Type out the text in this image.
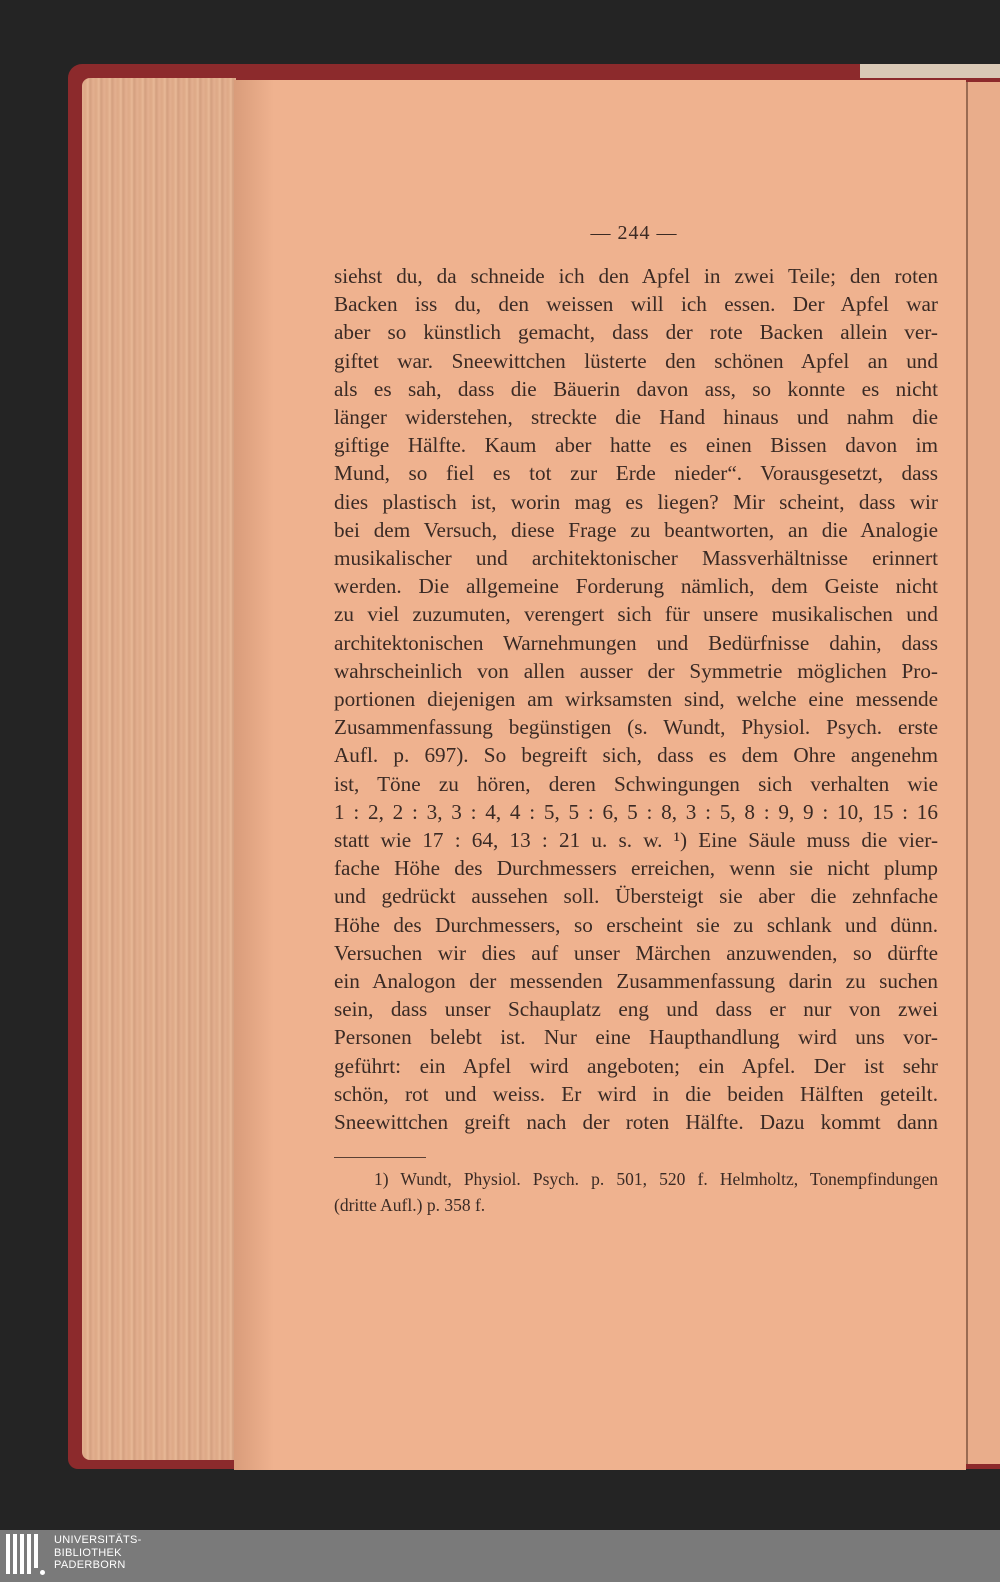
— 244 —
siehst du, da schneide ich den Apfel in zwei Teile; den roten
Backen iss du, den weissen will ich essen. Der Apfel war
aber so künstlich gemacht, dass der rote Backen allein ver-
giftet war. Sneewittchen lüsterte den schönen Apfel an und
als es sah, dass die Bäuerin davon ass, so konnte es nicht
länger widerstehen, streckte die Hand hinaus und nahm die
giftige Hälfte. Kaum aber hatte es einen Bissen davon im
Mund, so fiel es tot zur Erde nieder“. Vorausgesetzt, dass
dies plastisch ist, worin mag es liegen? Mir scheint, dass wir
bei dem Versuch, diese Frage zu beantworten, an die Analogie
musikalischer und architektonischer Massverhältnisse erinnert
werden. Die allgemeine Forderung nämlich, dem Geiste nicht
zu viel zuzumuten, verengert sich für unsere musikalischen und
architektonischen Warnehmungen und Bedürfnisse dahin, dass
wahrscheinlich von allen ausser der Symmetrie möglichen Pro-
portionen diejenigen am wirksamsten sind, welche eine messende
Zusammenfassung begünstigen (s. Wundt, Physiol. Psych. erste
Aufl. p. 697). So begreift sich, dass es dem Ohre angenehm
ist, Töne zu hören, deren Schwingungen sich verhalten wie
1 : 2, 2 : 3, 3 : 4, 4 : 5, 5 : 6, 5 : 8, 3 : 5, 8 : 9, 9 : 10, 15 : 16
statt wie 17 : 64, 13 : 21 u. s. w. ¹) Eine Säule muss die vier-
fache Höhe des Durchmessers erreichen, wenn sie nicht plump
und gedrückt aussehen soll. Übersteigt sie aber die zehnfache
Höhe des Durchmessers, so erscheint sie zu schlank und dünn.
Versuchen wir dies auf unser Märchen anzuwenden, so dürfte
ein Analogon der messenden Zusammenfassung darin zu suchen
sein, dass unser Schauplatz eng und dass er nur von zwei
Personen belebt ist. Nur eine Haupthandlung wird uns vor-
geführt: ein Apfel wird angeboten; ein Apfel. Der ist sehr
schön, rot und weiss. Er wird in die beiden Hälften geteilt.
Sneewittchen greift nach der roten Hälfte. Dazu kommt dann
1) Wundt, Physiol. Psych. p. 501, 520 f. Helmholtz, Tonempfindungen
(dritte Aufl.) p. 358 f.
UNIVERSITÄTS-
BIBLIOTHEK
PADERBORN
